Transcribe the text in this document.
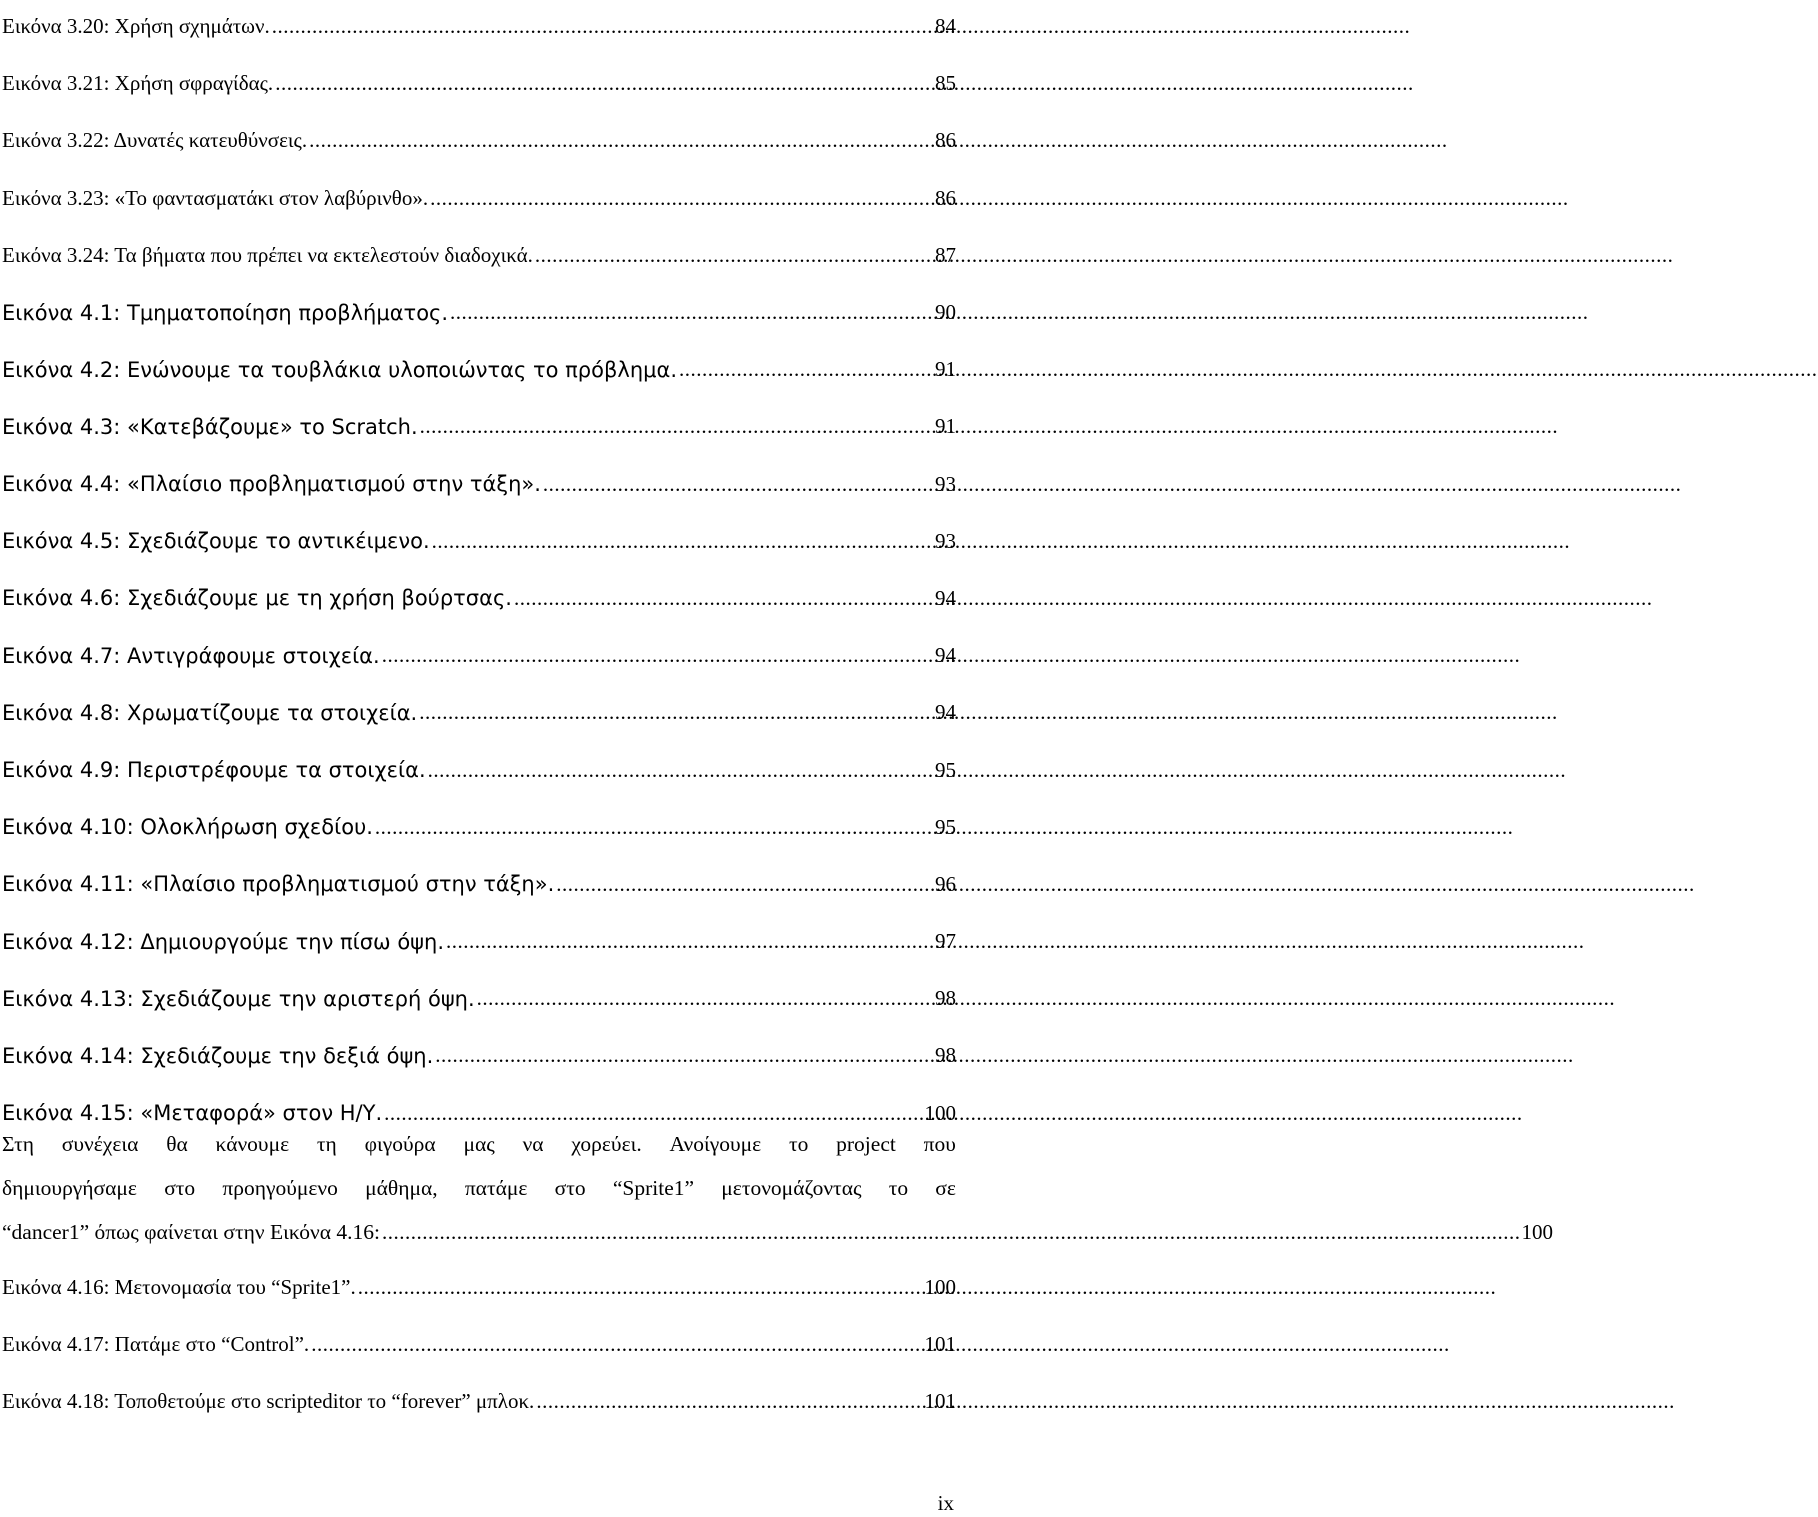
Εικόνα 3.20: Χρήση σχημάτων. .....	84
Εικόνα 3.21: Χρήση σφραγίδας. .....	85
Εικόνα 3.22: Δυνατές κατευθύνσεις. .....	86
Εικόνα 3.23: «Το φαντασματάκι στον λαβύρινθο». .....	86
Εικόνα 3.24: Τα βήματα που πρέπει να εκτελεστούν διαδοχικά. .....	87
Εικόνα 4.1: Τμηματοποίηση προβλήματος. .....	90
Εικόνα 4.2: Ενώνουμε τα τουβλάκια υλοποιώντας το πρόβλημα. .....	91
Εικόνα 4.3: «Κατεβάζουμε» το Scratch. .....	91
Εικόνα 4.4: «Πλαίσιο προβληματισμού στην τάξη». .....	93
Εικόνα 4.5: Σχεδιάζουμε το αντικέιμενο. .....	93
Εικόνα 4.6: Σχεδιάζουμε με τη χρήση βούρτσας. .....	94
Εικόνα 4.7: Αντιγράφουμε στοιχεία. .....	94
Εικόνα 4.8: Χρωματίζουμε τα στοιχεία. .....	94
Εικόνα 4.9: Περιστρέφουμε τα στοιχεία. .....	95
Εικόνα 4.10: Ολοκλήρωση σχεδίου. .....	95
Εικόνα 4.11: «Πλαίσιο προβληματισμού στην τάξη». .....	96
Εικόνα 4.12: Δημιουργούμε την πίσω όψη. .....	97
Εικόνα 4.13: Σχεδιάζουμε την αριστερή όψη. .....	98
Εικόνα 4.14: Σχεδιάζουμε την δεξιά όψη. .....	98
Εικόνα 4.15: «Μεταφορά» στον Η/Υ. .....	100
Στη συνέχεια θα κάνουμε τη φιγούρα μας να χορεύει. Ανοίγουμε το project που
δημιουργήσαμε στο προηγούμενο μάθημα, πατάμε στο “Sprite1” μετονομάζοντας το σε
“dancer1” όπως φαίνεται στην Εικόνα 4.16: ...................................................................................................................................................................................................... 100
Εικόνα 4.16: Μετονομασία του “Sprite1”. .....	100
Εικόνα 4.17: Πατάμε στο “Control”. .....	101
Εικόνα 4.18: Τοποθετούμε στο scripteditor το “forever” μπλοκ. .....	101
ix
